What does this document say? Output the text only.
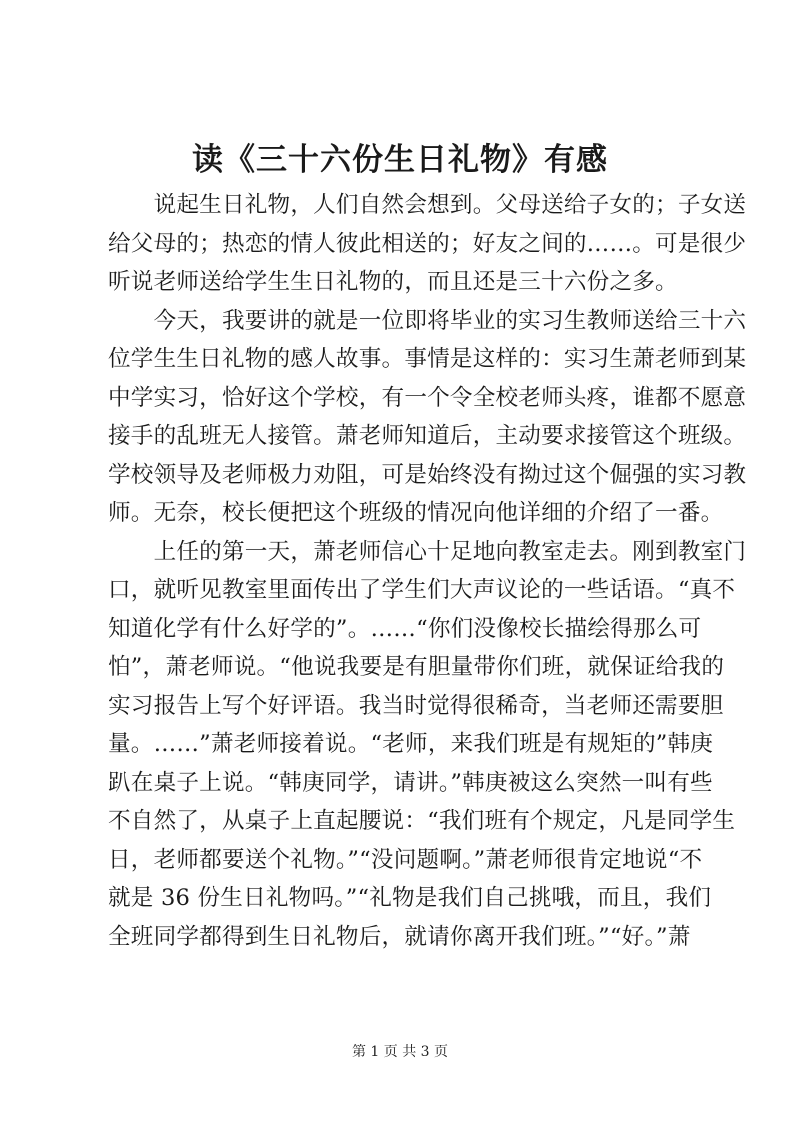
读《三十六份生日礼物》有感
　　说起生日礼物，人们自然会想到。父母送给子女的；子女送
给父母的；热恋的情人彼此相送的；好友之间的……。可是很少
听说老师送给学生生日礼物的，而且还是三十六份之多。
　　今天，我要讲的就是一位即将毕业的实习生教师送给三十六
位学生生日礼物的感人故事。事情是这样的：实习生萧老师到某
中学实习，恰好这个学校，有一个令全校老师头疼，谁都不愿意
接手的乱班无人接管。萧老师知道后，主动要求接管这个班级。
学校领导及老师极力劝阻，可是始终没有拗过这个倔强的实习教
师。无奈，校长便把这个班级的情况向他详细的介绍了一番。
　　上任的第一天，萧老师信心十足地向教室走去。刚到教室门
口，就听见教室里面传出了学生们大声议论的一些话语。“真不
知道化学有什么好学的”。……“你们没像校长描绘得那么可
怕”，萧老师说。“他说我要是有胆量带你们班，就保证给我的
实习报告上写个好评语。我当时觉得很稀奇，当老师还需要胆
量。……”萧老师接着说。“老师，来我们班是有规矩的”韩庚
趴在桌子上说。“韩庚同学，请讲。”韩庚被这么突然一叫有些
不自然了，从桌子上直起腰说：“我们班有个规定，凡是同学生
日，老师都要送个礼物。”“没问题啊。”萧老师很肯定地说“不
就是 36 份生日礼物吗。”“礼物是我们自己挑哦，而且，我们
全班同学都得到生日礼物后，就请你离开我们班。”“好。”萧
第 1 页 共 3 页
